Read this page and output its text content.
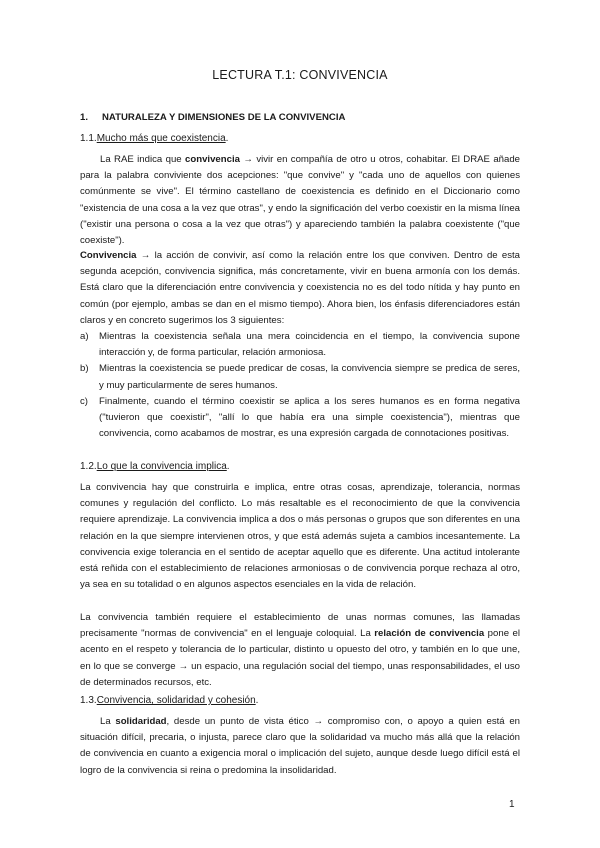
LECTURA T.1: CONVIVENCIA
1. NATURALEZA Y DIMENSIONES DE LA CONVIVENCIA
1.1.Mucho más que coexistencia.
La RAE indica que convivencia → vivir en compañía de otro u otros, cohabitar. El DRAE añade para la palabra conviviente dos acepciones: "que convive" y "cada uno de aquellos con quienes comúnmente se vive". El término castellano de coexistencia es definido en el Diccionario como "existencia de una cosa a la vez que otras", y endo la significación del verbo coexistir en la misma línea ("existir una persona o cosa a la vez que otras") y apareciendo también la palabra coexistente ("que coexiste").
Convivencia → la acción de convivir, así como la relación entre los que conviven. Dentro de esta segunda acepción, convivencia significa, más concretamente, vivir en buena armonía con los demás. Está claro que la diferenciación entre convivencia y coexistencia no es del todo nítida y hay punto en común (por ejemplo, ambas se dan en el mismo tiempo). Ahora bien, los énfasis diferenciadores están claros y en concreto sugerimos los 3 siguientes:
a) Mientras la coexistencia señala una mera coincidencia en el tiempo, la convivencia supone interacción y, de forma particular, relación armoniosa.
b) Mientras la coexistencia se puede predicar de cosas, la convivencia siempre se predica de seres, y muy particularmente de seres humanos.
c) Finalmente, cuando el término coexistir se aplica a los seres humanos es en forma negativa ("tuvieron que coexistir", "allí lo que había era una simple coexistencia"), mientras que convivencia, como acabamos de mostrar, es una expresión cargada de connotaciones positivas.
1.2.Lo que la convivencia implica.
La convivencia hay que construirla e implica, entre otras cosas, aprendizaje, tolerancia, normas comunes y regulación del conflicto. Lo más resaltable es el reconocimiento de que la convivencia requiere aprendizaje. La convivencia implica a dos o más personas o grupos que son diferentes en una relación en la que siempre intervienen otros, y que está además sujeta a cambios incesantemente. La convivencia exige tolerancia en el sentido de aceptar aquello que es diferente. Una actitud intolerante está reñida con el establecimiento de relaciones armoniosas o de convivencia porque rechaza al otro, ya sea en su totalidad o en algunos aspectos esenciales en la vida de relación.
La convivencia también requiere el establecimiento de unas normas comunes, las llamadas precisamente "normas de convivencia" en el lenguaje coloquial. La relación de convivencia pone el acento en el respeto y tolerancia de lo particular, distinto u opuesto del otro, y también en lo que une, en lo que se converge → un espacio, una regulación social del tiempo, unas responsabilidades, el uso de determinados recursos, etc.
1.3.Convivencia, solidaridad y cohesión.
La solidaridad, desde un punto de vista ético → compromiso con, o apoyo a quien está en situación difícil, precaria, o injusta, parece claro que la solidaridad va mucho más allá que la relación de convivencia en cuanto a exigencia moral o implicación del sujeto, aunque desde luego difícil está el logro de la convivencia si reina o predomina la insolidaridad.
1
